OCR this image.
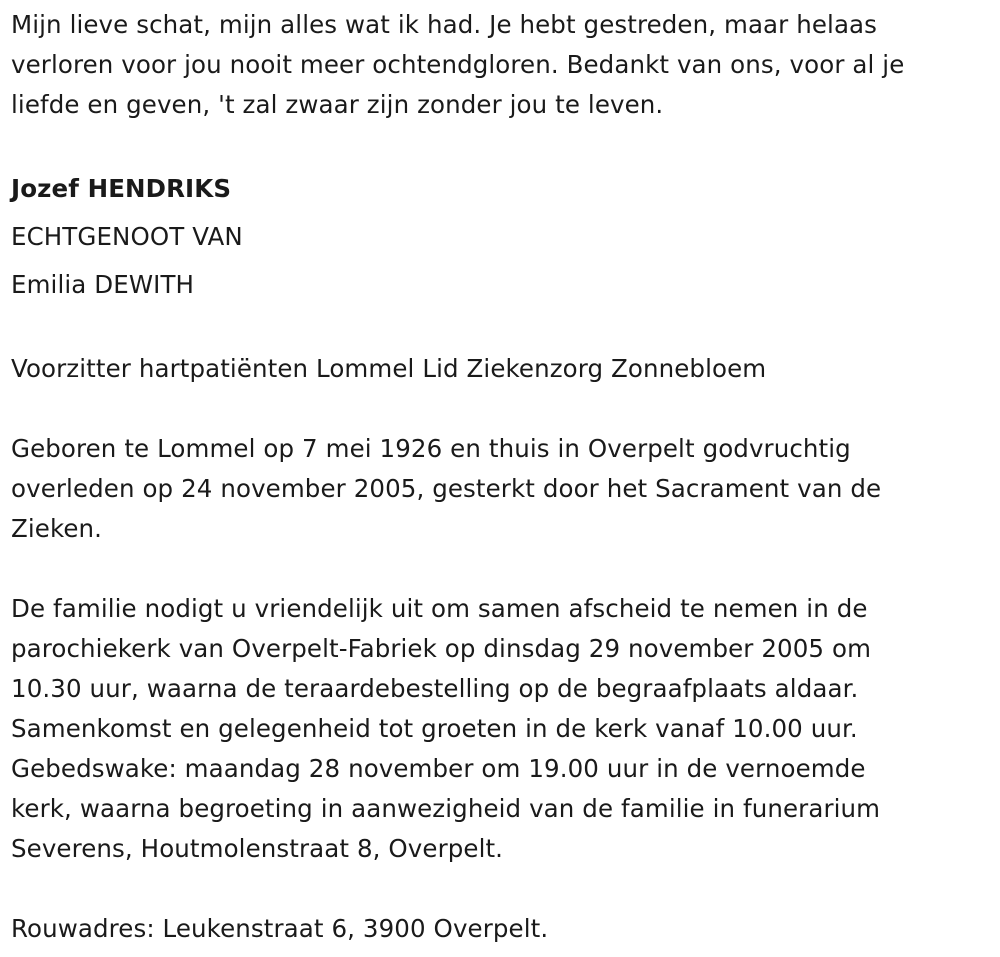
Mijn lieve schat, mijn alles wat ik had. Je hebt gestreden, maar helaas
verloren voor jou nooit meer ochtendgloren. Bedankt van ons, voor al je
liefde en geven, 't zal zwaar zijn zonder jou te leven.
Jozef HENDRIKS
ECHTGENOOT VAN
Emilia DEWITH
Voorzitter hartpatiënten Lommel Lid Ziekenzorg Zonnebloem
Geboren te Lommel op 7 mei 1926 en thuis in Overpelt godvruchtig
overleden op 24 november 2005, gesterkt door het Sacrament van de
Zieken.
De familie nodigt u vriendelijk uit om samen afscheid te nemen in de
parochiekerk van Overpelt-Fabriek op dinsdag 29 november 2005 om
10.30 uur, waarna de teraardebestelling op de begraafplaats aldaar.
Samenkomst en gelegenheid tot groeten in de kerk vanaf 10.00 uur.
Gebedswake: maandag 28 november om 19.00 uur in de vernoemde
kerk, waarna begroeting in aanwezigheid van de familie in funerarium
Severens, Houtmolenstraat 8, Overpelt.
Rouwadres: Leukenstraat 6, 3900 Overpelt.
